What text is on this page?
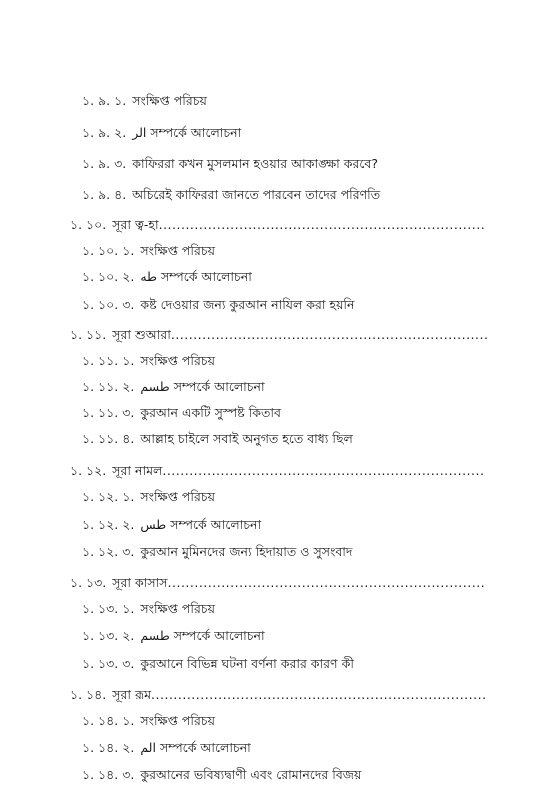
১. ৯. ১. সংক্ষিপ্ত পরিচয়
১. ৯. ২. الر সম্পর্কে আলোচনা
১. ৯. ৩. কাফিররা কখন মুসলমান হওয়ার আকাঙ্ক্ষা করবে?
১. ৯. ৪. অচিরেই কাফিররা জানতে পারবেন তাদের পরিণতি
১. ১০. সূরা ত্ব-হা.........................................................................
১. ১০. ১. সংক্ষিপ্ত পরিচয়
১. ১০. ২. طه সম্পর্কে আলোচনা
১. ১০. ৩. কষ্ট দেওয়ার জন্য কুরআন নাযিল করা হয়নি
১. ১১. সূরা শুআরা.......................................................................
১. ১১. ১. সংক্ষিপ্ত পরিচয়
১. ১১. ২. طسم সম্পর্কে আলোচনা
১. ১১. ৩. কুরআন একটি সুস্পষ্ট কিতাব
১. ১১. ৪. আল্লাহ চাইলে সবাই অনুগত হতে বাধ্য ছিল
১. ১২. সূরা নামল........................................................................
১. ১২. ১. সংক্ষিপ্ত পরিচয়
১. ১২. ২. طس সম্পর্কে আলোচনা
১. ১২. ৩. কুরআন মুমিনদের জন্য হিদায়াত ও সুসংবাদ
১. ১৩. সূরা কাসাস.......................................................................
১. ১৩. ১. সংক্ষিপ্ত পরিচয়
১. ১৩. ২. طسم সম্পর্কে আলোচনা
১. ১৩. ৩. কুরআনে বিভিন্ন ঘটনা বর্ণনা করার কারণ কী
১. ১৪. সূরা রূম...........................................................................
১. ১৪. ১. সংক্ষিপ্ত পরিচয়
১. ১৪. ২. الم সম্পর্কে আলোচনা
১. ১৪. ৩. কুরআনের ভবিষ্যদ্বাণী এবং রোমানদের বিজয়
